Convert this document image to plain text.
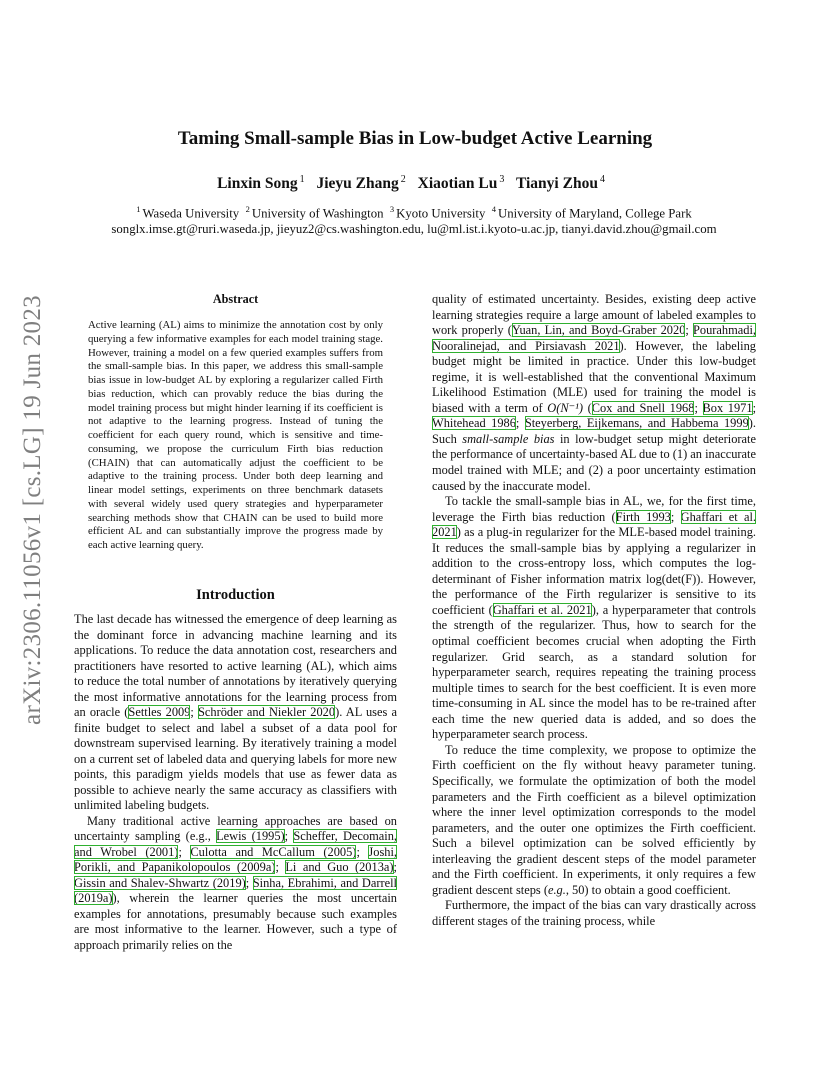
arXiv:2306.11056v1 [cs.LG] 19 Jun 2023
Taming Small-sample Bias in Low-budget Active Learning
Linxin Song $^1$ Jieyu Zhang $^2$ Xiaotian Lu $^3$ Tianyi Zhou $^4$
$^1$ Waseda University $^2$ University of Washington $^3$ Kyoto University $^4$ University of Maryland, College Park
songlx.imse.gt@ruri.waseda.jp, jieyuz2@cs.washington.edu, lu@ml.ist.i.kyoto-u.ac.jp, tianyi.david.zhou@gmail.com
Abstract
Active learning (AL) aims to minimize the annotation cost by only querying a few informative examples for each model training stage. However, training a model on a few queried examples suffers from the small-sample bias. In this paper, we address this small-sample bias issue in low-budget AL by exploring a regularizer called Firth bias reduction, which can provably reduce the bias during the model training process but might hinder learning if its coefficient is not adaptive to the learning progress. Instead of tuning the coefficient for each query round, which is sensitive and time-consuming, we propose the curriculum Firth bias reduction (CHAIN) that can automatically adjust the coefficient to be adaptive to the training process. Under both deep learning and linear model settings, experiments on three benchmark datasets with several widely used query strategies and hyperparameter searching methods show that CHAIN can be used to build more efficient AL and can substantially improve the progress made by each active learning query.
Introduction

The last decade has witnessed the emergence of deep learning as the dominant force in advancing machine learning and its applications. To reduce the data annotation cost, researchers and practitioners have resorted to active learning (AL), which aims to reduce the total number of annotations by iteratively querying the most informative annotations for the learning process from an oracle (Settles 2009; Schröder and Niekler 2020). AL uses a finite budget to select and label a subset of a data pool for downstream supervised learning. By iteratively training a model on a current set of labeled data and querying labels for more new points, this paradigm yields models that use as fewer data as possible to achieve nearly the same accuracy as classifiers with unlimited labeling budgets.

Many traditional active learning approaches are based on uncertainty sampling (e.g., Lewis (1995); Scheffer, Decomain, and Wrobel (2001); Culotta and McCallum (2005); Joshi, Porikli, and Papanikolopoulos (2009a); Li and Guo (2013a); Gissin and Shalev-Shwartz (2019); Sinha, Ebrahimi, and Darrell (2019a)), wherein the learner queries the most uncertain examples for annotations, presumably because such examples are most informative to the learner. However, such a type of approach primarily relies on the

quality of estimated uncertainty. Besides, existing deep active learning strategies require a large amount of labeled examples to work properly (Yuan, Lin, and Boyd-Graber 2020; Pourahmadi, Nooralinejad, and Pirsiavash 2021). However, the labeling budget might be limited in practice. Under this low-budget regime, it is well-established that the conventional Maximum Likelihood Estimation (MLE) used for training the model is biased with a term of O(N⁻¹) (Cox and Snell 1968; Box 1971; Whitehead 1986; Steyerberg, Eijkemans, and Habbema 1999). Such small-sample bias in low-budget setup might deteriorate the performance of uncertainty-based AL due to (1) an inaccurate model trained with MLE; and (2) a poor uncertainty estimation caused by the inaccurate model.

To tackle the small-sample bias in AL, we, for the first time, leverage the Firth bias reduction (Firth 1993; Ghaffari et al. 2021) as a plug-in regularizer for the MLE-based model training. It reduces the small-sample bias by applying a regularizer in addition to the cross-entropy loss, which computes the log-determinant of Fisher information matrix log(det(F)). However, the performance of the Firth regularizer is sensitive to its coefficient (Ghaffari et al. 2021), a hyperparameter that controls the strength of the regularizer. Thus, how to search for the optimal coefficient becomes crucial when adopting the Firth regularizer. Grid search, as a standard solution for hyperparameter search, requires repeating the training process multiple times to search for the best coefficient. It is even more time-consuming in AL since the model has to be re-trained after each time the new queried data is added, and so does the hyperparameter search process.

To reduce the time complexity, we propose to optimize the Firth coefficient on the fly without heavy parameter tuning. Specifically, we formulate the optimization of both the model parameters and the Firth coefficient as a bilevel optimization where the inner level optimization corresponds to the model parameters, and the outer one optimizes the Firth coefficient. Such a bilevel optimization can be solved efficiently by interleaving the gradient descent steps of the model parameter and the Firth coefficient. In experiments, it only requires a few gradient descent steps (e.g., 50) to obtain a good coefficient.

Furthermore, the impact of the bias can vary drastically across different stages of the training process, while
